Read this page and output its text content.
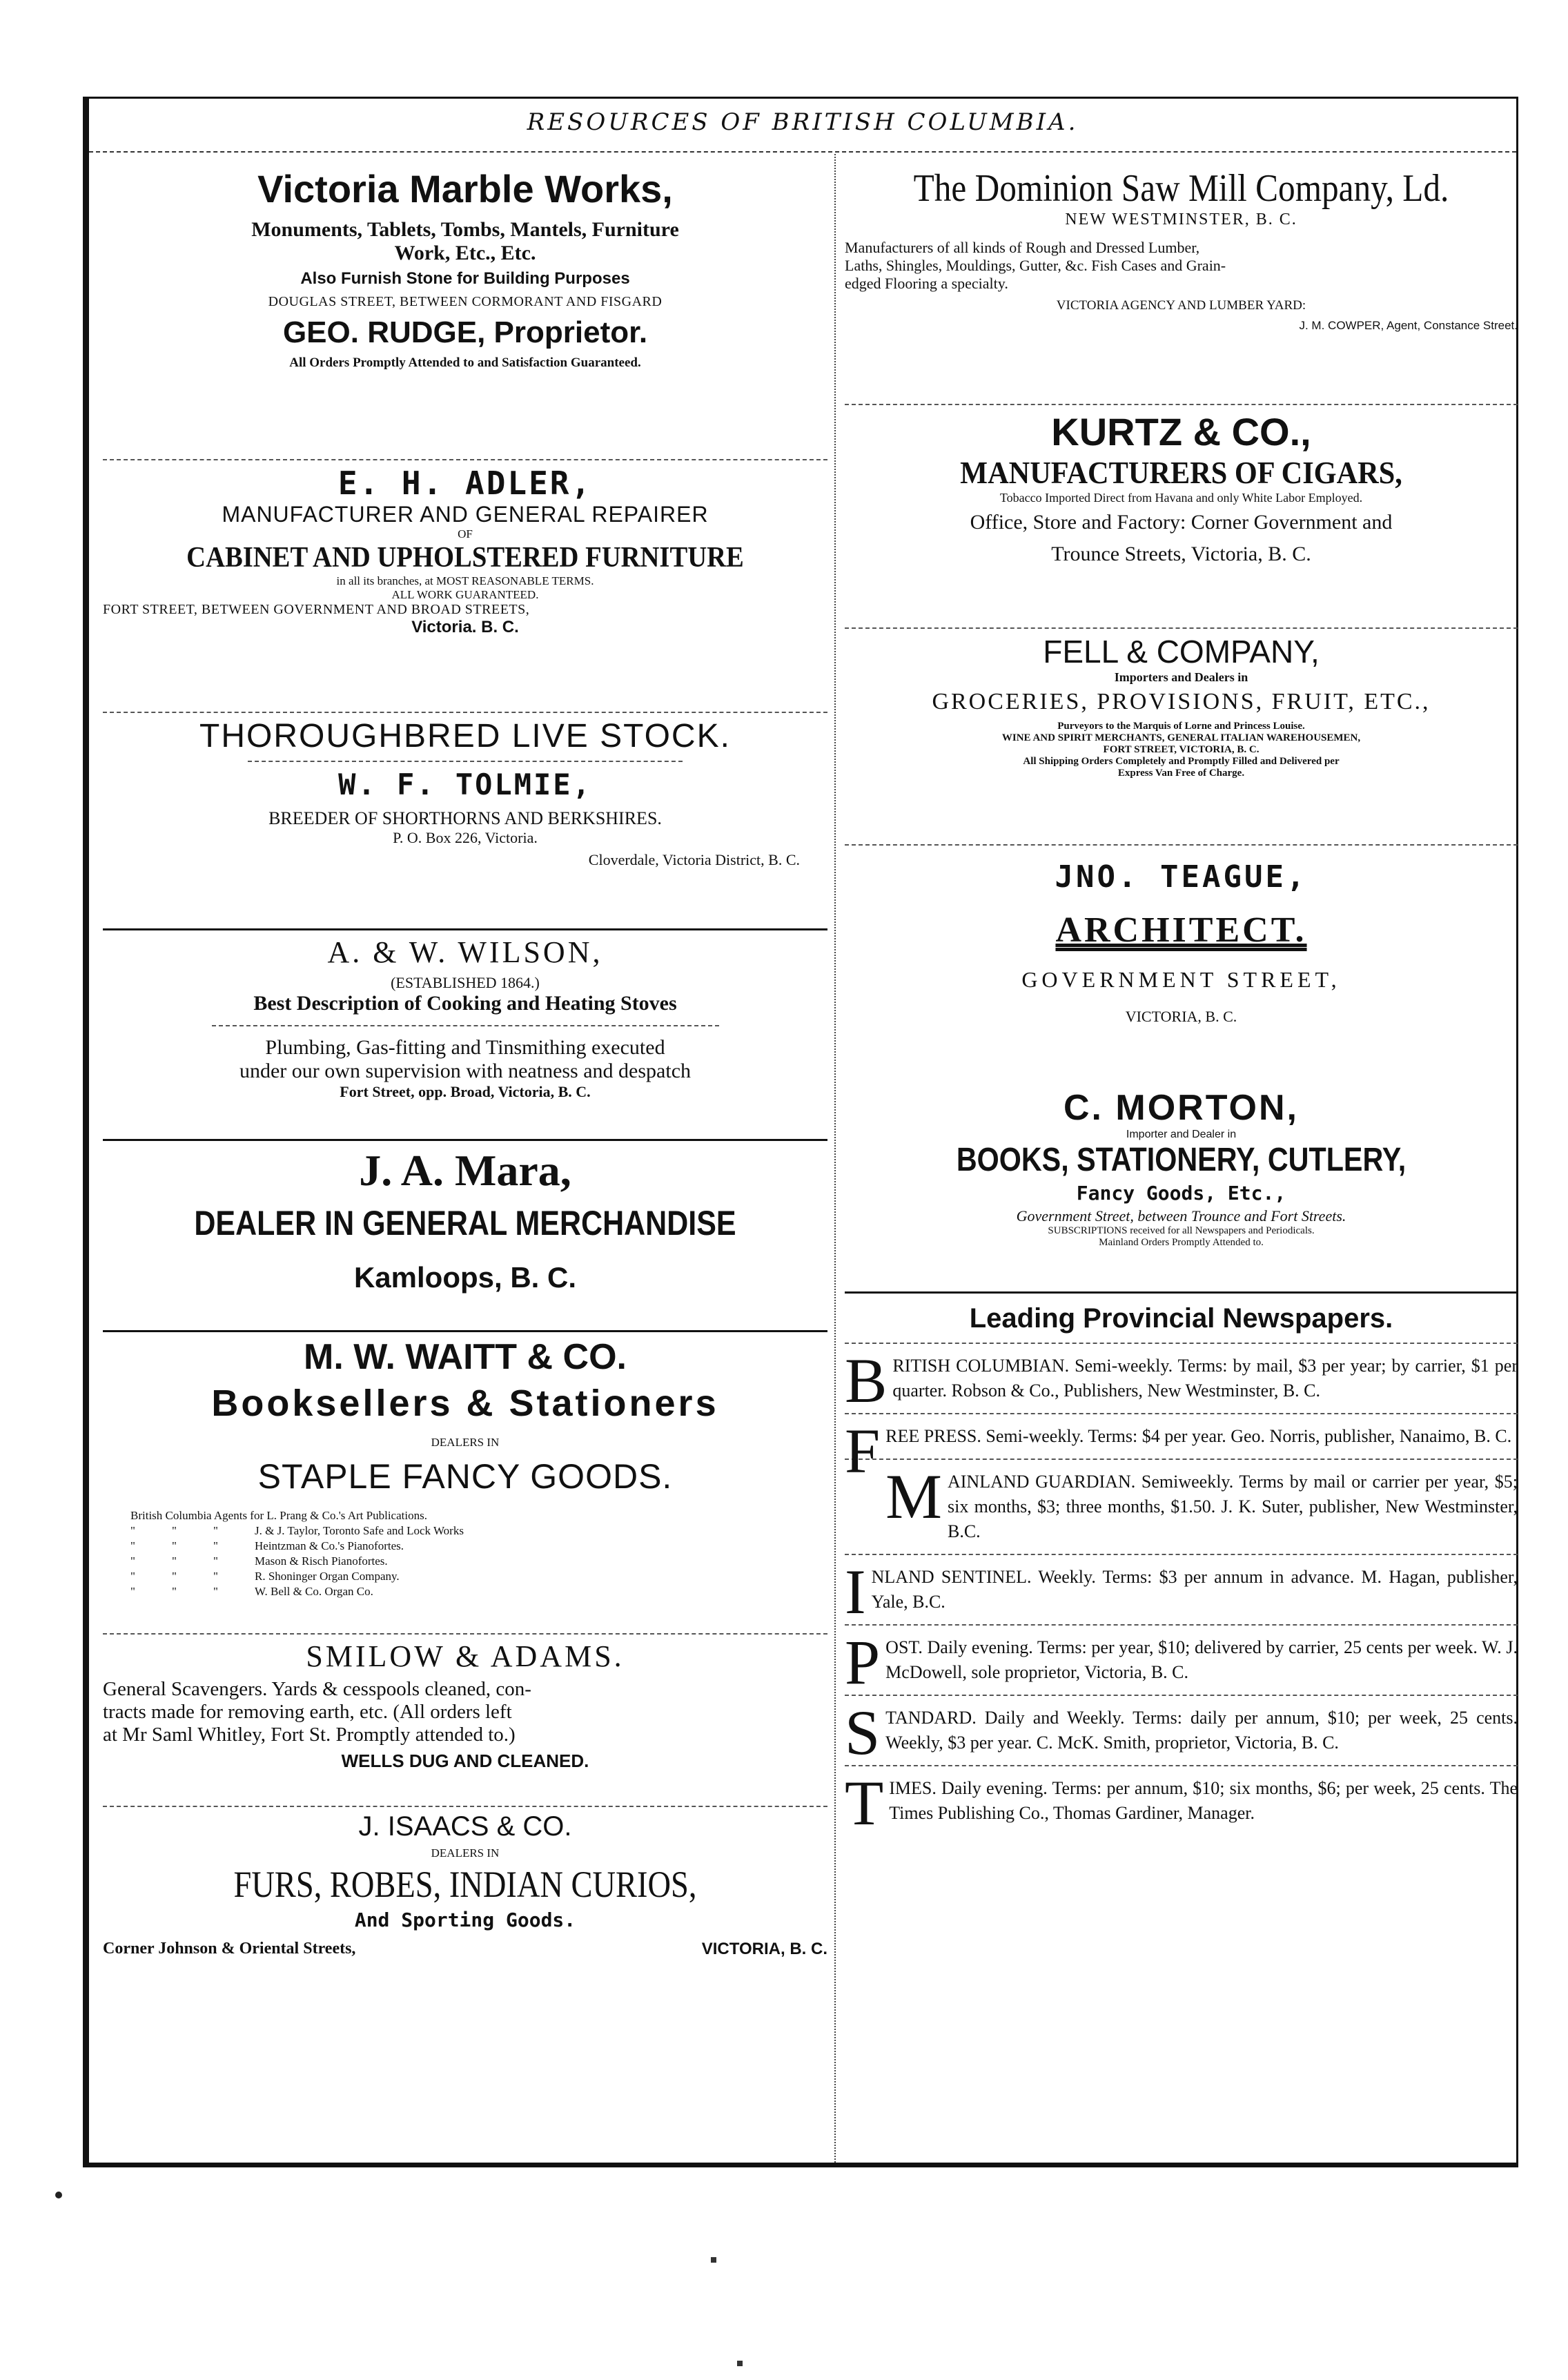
RESOURCES OF BRITISH COLUMBIA.
Victoria Marble Works,
Monuments, Tablets, Tombs, Mantels, Furniture
Work, Etc., Etc.
Also Furnish Stone for Building Purposes
DOUGLAS STREET, BETWEEN CORMORANT AND FISGARD
GEO. RUDGE, Proprietor.
All Orders Promptly Attended to and Satisfaction Guaranteed.
E. H. ADLER,
MANUFACTURER AND GENERAL REPAIRER
OF
CABINET AND UPHOLSTERED FURNITURE
in all its branches, at MOST REASONABLE TERMS.
ALL WORK GUARANTEED.
FORT STREET, BETWEEN GOVERNMENT AND BROAD STREETS,
Victoria. B. C.
THOROUGHBRED LIVE STOCK.
W. F. TOLMIE,
BREEDER OF SHORTHORNS AND BERKSHIRES.
P. O. Box 226, Victoria.
Cloverdale, Victoria District, B. C.
A. & W. WILSON,
(ESTABLISHED 1864.)
Best Description of Cooking and Heating Stoves
Plumbing, Gas-fitting and Tinsmithing executed
under our own supervision with neatness and despatch
Fort Street, opp. Broad, Victoria, B. C.
J. A. Mara,
DEALER IN GENERAL MERCHANDISE
Kamloops, B. C.
M. W. WAITT & CO.
Booksellers & Stationers
DEALERS IN
STAPLE FANCY GOODS.
British Columbia Agents for L. Prang & Co.'s Art Publications.
"	"	"	J. & J. Taylor, Toronto Safe and Lock Works
"	"	"	Heintzman & Co.'s Pianofortes.
"	"	"	Mason & Risch Pianofortes.
"	"	"	R. Shoninger Organ Company.
"	"	"	W. Bell & Co. Organ Co.
SMILOW & ADAMS.
General Scavengers. Yards & cesspools cleaned, con-
tracts made for removing earth, etc. (All orders left
at Mr Saml Whitley, Fort St. Promptly attended to.)
WELLS DUG AND CLEANED.
J. ISAACS & CO.
DEALERS IN
FURS, ROBES, INDIAN CURIOS,
And Sporting Goods.
Corner Johnson & Oriental Streets,	VICTORIA, B. C.
The Dominion Saw Mill Company, Ld.
NEW WESTMINSTER, B. C.
Manufacturers of all kinds of Rough and Dressed Lumber,
Laths, Shingles, Mouldings, Gutter, &c. Fish Cases and Grain-
edged Flooring a specialty.
VICTORIA AGENCY AND LUMBER YARD:
J. M. COWPER, Agent, Constance Street.
KURTZ & CO.,
MANUFACTURERS OF CIGARS,
Tobacco Imported Direct from Havana and only White Labor Employed.
Office, Store and Factory: Corner Government and
Trounce Streets, Victoria, B. C.
FELL & COMPANY,
Importers and Dealers in
GROCERIES, PROVISIONS, FRUIT, ETC.,
Purveyors to the Marquis of Lorne and Princess Louise.
WINE AND SPIRIT MERCHANTS, GENERAL ITALIAN WAREHOUSEMEN,
FORT STREET, VICTORIA, B. C.
All Shipping Orders Completely and Promptly Filled and Delivered per
Express Van Free of Charge.
JNO. TEAGUE,
ARCHITECT.
GOVERNMENT STREET,
VICTORIA, B. C.
C. MORTON,
Importer and Dealer in
BOOKS, STATIONERY, CUTLERY,
Fancy Goods, Etc.,
Government Street, between Trounce and Fort Streets.
SUBSCRIPTIONS received for all Newspapers and Periodicals.
Mainland Orders Promptly Attended to.
Leading Provincial Newspapers.
BRITISH COLUMBIAN. Semi-weekly. Terms: by mail, $3 per year; by carrier, $1 per quarter. Robson & Co., Publishers, New Westminster, B. C.
FREE PRESS. Semi-weekly. Terms: $4 per year. Geo. Norris, publisher, Nanaimo, B. C.
MAINLAND GUARDIAN. Semiweekly. Terms by mail or carrier per year, $5; six months, $3; three months, $1.50. J. K. Suter, publisher, New Westminster, B.C.
INLAND SENTINEL. Weekly. Terms: $3 per annum in advance. M. Hagan, publisher, Yale, B.C.
POST. Daily evening. Terms: per year, $10; delivered by carrier, 25 cents per week. W. J. McDowell, sole proprietor, Victoria, B. C.
STANDARD. Daily and Weekly. Terms: daily per annum, $10; per week, 25 cents. Weekly, $3 per year. C. McK. Smith, proprietor, Victoria, B. C.
TIMES. Daily evening. Terms: per annum, $10; six months, $6; per week, 25 cents. The Times Publishing Co., Thomas Gardiner, Manager.
